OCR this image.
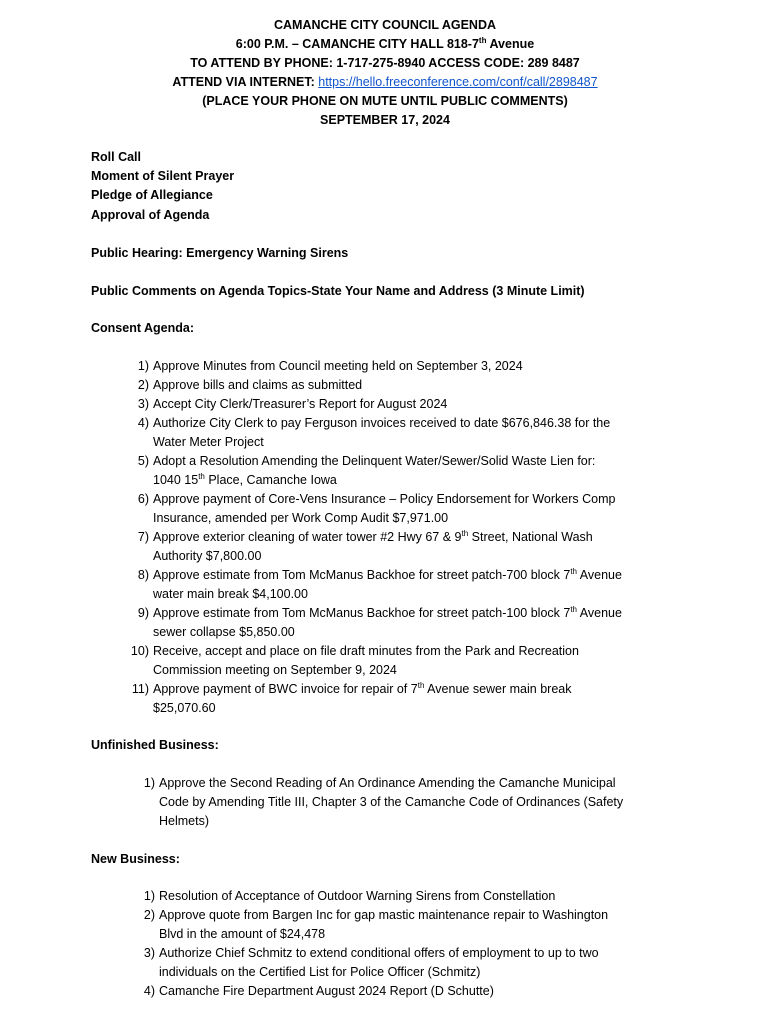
CAMANCHE CITY COUNCIL AGENDA
6:00 P.M. – CAMANCHE CITY HALL 818-7th Avenue
TO ATTEND BY PHONE: 1-717-275-8940 ACCESS CODE: 289 8487
ATTEND VIA INTERNET: https://hello.freeconference.com/conf/call/2898487
(PLACE YOUR PHONE ON MUTE UNTIL PUBLIC COMMENTS)
SEPTEMBER 17, 2024
Roll Call
Moment of Silent Prayer
Pledge of Allegiance
Approval of Agenda
Public Hearing: Emergency Warning Sirens
Public Comments on Agenda Topics-State Your Name and Address (3 Minute Limit)
Consent Agenda:
1) Approve Minutes from Council meeting held on September 3, 2024
2) Approve bills and claims as submitted
3) Accept City Clerk/Treasurer’s Report for August 2024
4) Authorize City Clerk to pay Ferguson invoices received to date $676,846.38 for the
Water Meter Project
5) Adopt a Resolution Amending the Delinquent Water/Sewer/Solid Waste Lien for:
1040 15th Place, Camanche Iowa
6) Approve payment of Core-Vens Insurance – Policy Endorsement for Workers Comp
Insurance, amended per Work Comp Audit $7,971.00
7) Approve exterior cleaning of water tower #2 Hwy 67 & 9th Street, National Wash
Authority $7,800.00
8) Approve estimate from Tom McManus Backhoe for street patch-700 block 7th Avenue
water main break $4,100.00
9) Approve estimate from Tom McManus Backhoe for street patch-100 block 7th Avenue
sewer collapse $5,850.00
10) Receive, accept and place on file draft minutes from the Park and Recreation
Commission meeting on September 9, 2024
11) Approve payment of BWC invoice for repair of 7th Avenue sewer main break
$25,070.60
Unfinished Business:
1) Approve the Second Reading of An Ordinance Amending the Camanche Municipal
Code by Amending Title III, Chapter 3 of the Camanche Code of Ordinances (Safety
Helmets)
New Business:
1) Resolution of Acceptance of Outdoor Warning Sirens from Constellation
2) Approve quote from Bargen Inc for gap mastic maintenance repair to Washington
Blvd in the amount of $24,478
3) Authorize Chief Schmitz to extend conditional offers of employment to up to two
individuals on the Certified List for Police Officer (Schmitz)
4) Camanche Fire Department August 2024 Report (D Schutte)
